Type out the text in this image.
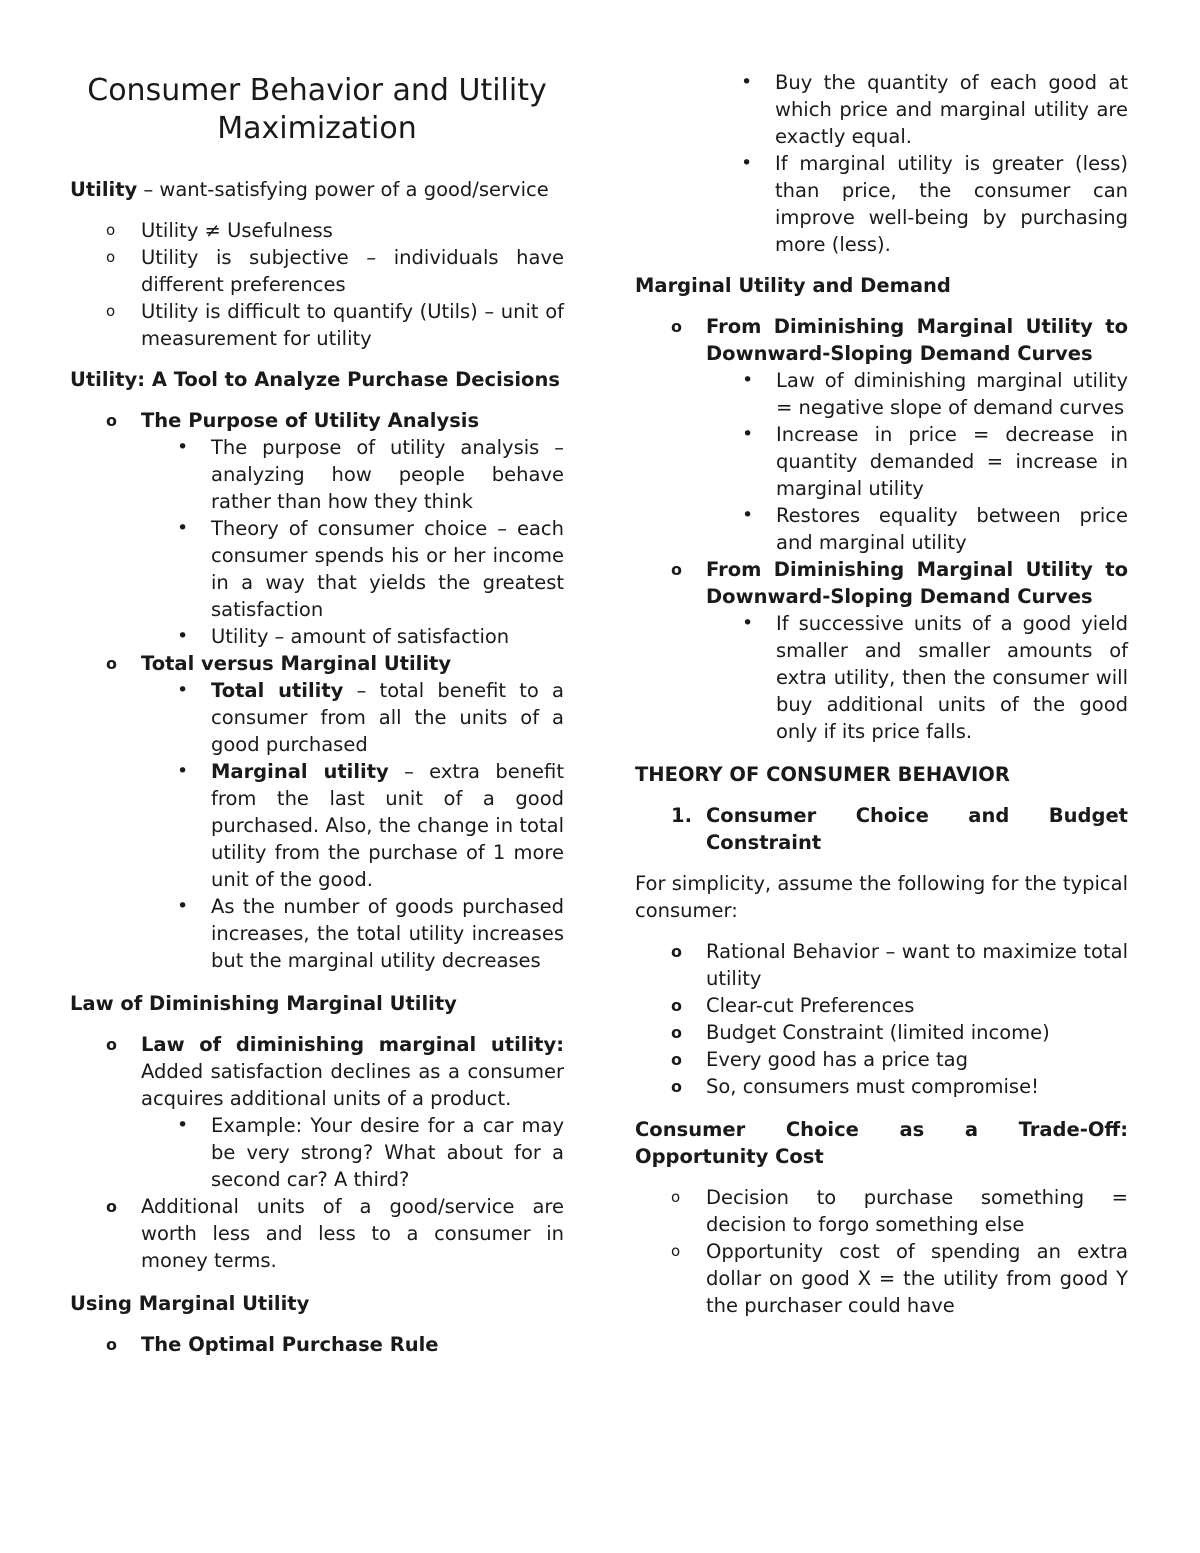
Consumer Behavior and Utility
Maximization

Utility – want-satisfying power of a good/service

o Utility ≠ Usefulness
o Utility is subjective – individuals have different preferences
o Utility is difficult to quantify (Utils) – unit of measurement for utility

Utility: A Tool to Analyze Purchase Decisions

o The Purpose of Utility Analysis
• The purpose of utility analysis – analyzing how people behave rather than how they think
• Theory of consumer choice – each consumer spends his or her income in a way that yields the greatest satisfaction
• Utility – amount of satisfaction
o Total versus Marginal Utility
• Total utility – total benefit to a consumer from all the units of a good purchased
• Marginal utility – extra benefit from the last unit of a good purchased. Also, the change in total utility from the purchase of 1 more unit of the good.
• As the number of goods purchased increases, the total utility increases but the marginal utility decreases

Law of Diminishing Marginal Utility

o Law of diminishing marginal utility: Added satisfaction declines as a consumer acquires additional units of a product.
• Example: Your desire for a car may be very strong? What about for a second car? A third?
o Additional units of a good/service are worth less and less to a consumer in money terms.

Using Marginal Utility

o The Optimal Purchase Rule
• Buy the quantity of each good at which price and marginal utility are exactly equal.
• If marginal utility is greater (less) than price, the consumer can improve well-being by purchasing more (less).

Marginal Utility and Demand

o From Diminishing Marginal Utility to Downward-Sloping Demand Curves
• Law of diminishing marginal utility = negative slope of demand curves
• Increase in price = decrease in quantity demanded = increase in marginal utility
• Restores equality between price and marginal utility
o From Diminishing Marginal Utility to Downward-Sloping Demand Curves
• If successive units of a good yield smaller and smaller amounts of extra utility, then the consumer will buy additional units of the good only if its price falls.

THEORY OF CONSUMER BEHAVIOR

1. Consumer Choice and Budget Constraint

For simplicity, assume the following for the typical consumer:

o Rational Behavior – want to maximize total utility
o Clear-cut Preferences
o Budget Constraint (limited income)
o Every good has a price tag
o So, consumers must compromise!

Consumer Choice as a Trade-Off: Opportunity Cost

o Decision to purchase something = decision to forgo something else
o Opportunity cost of spending an extra dollar on good X = the utility from good Y the purchaser could have
